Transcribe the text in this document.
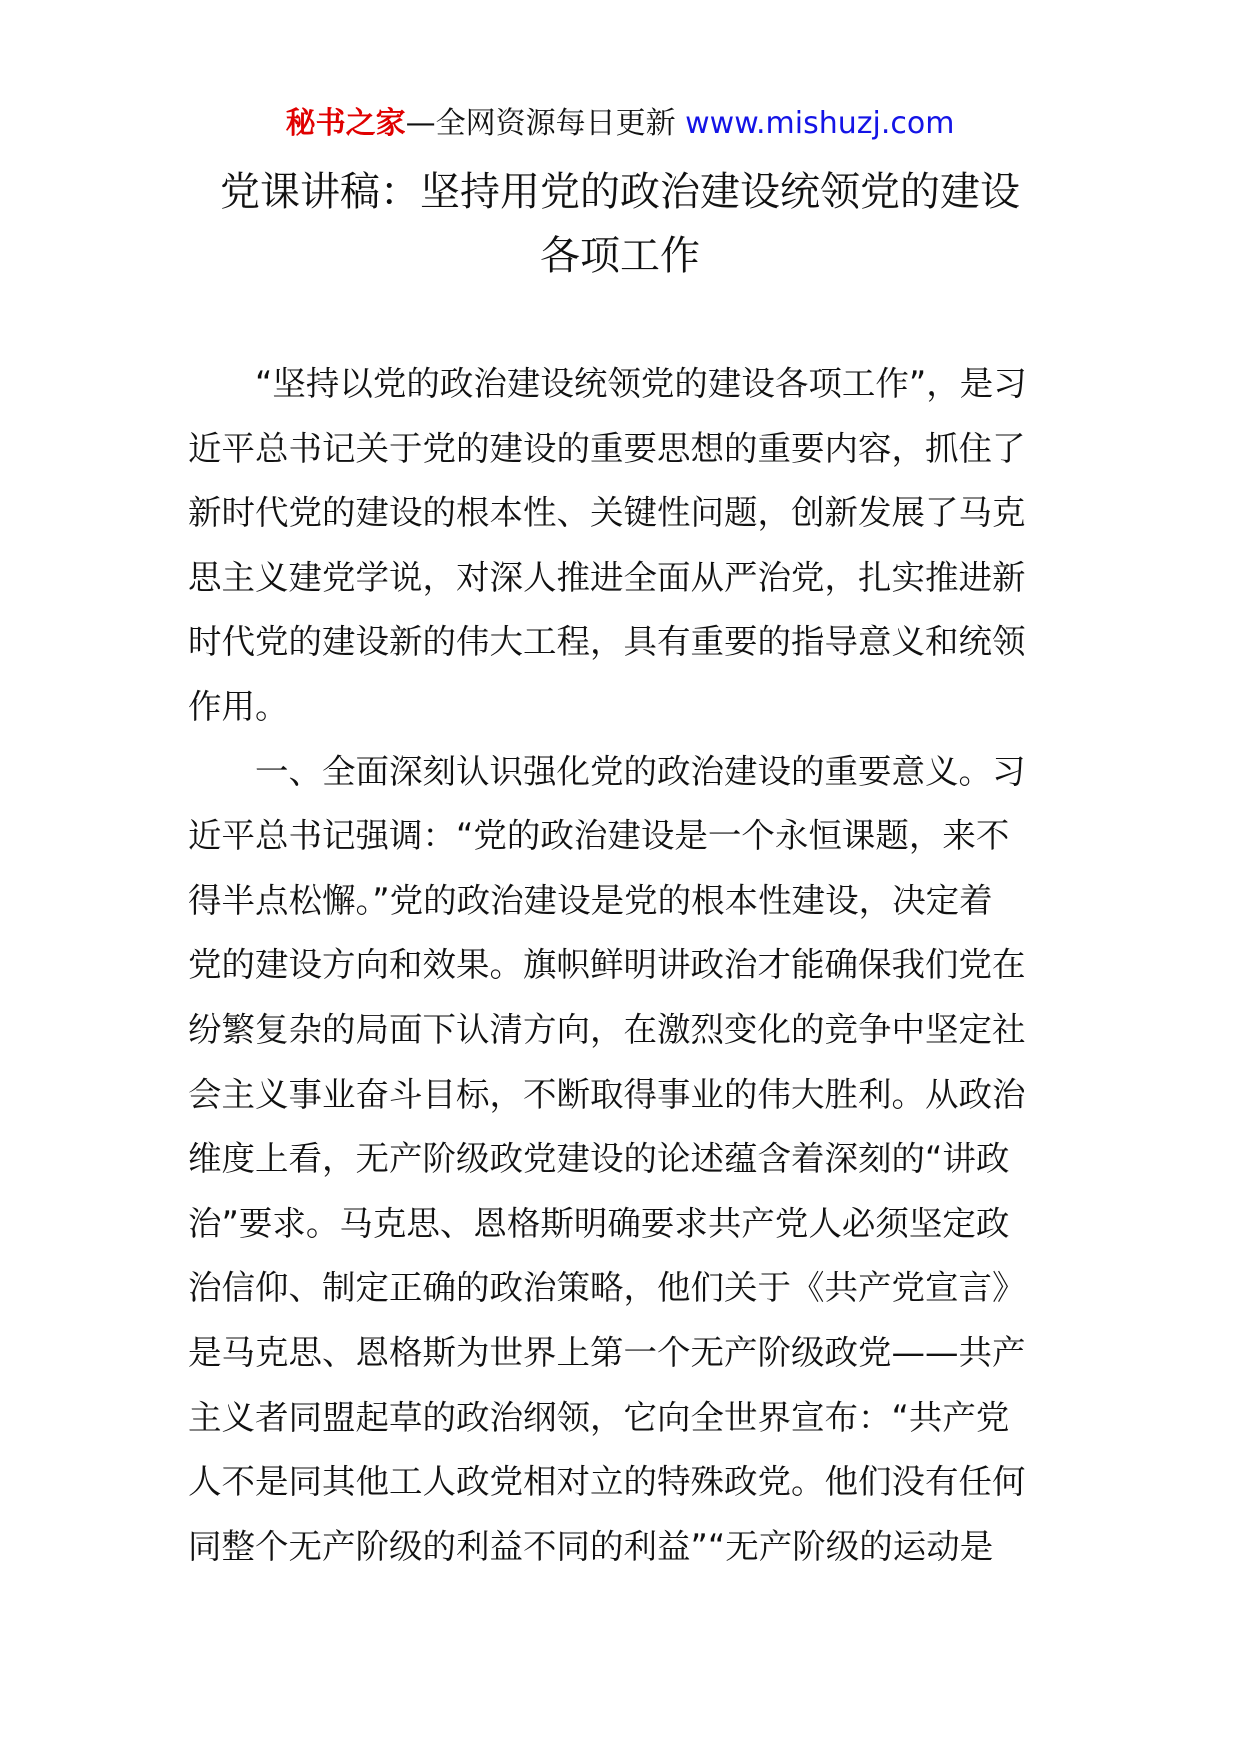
秘书之家—全网资源每日更新 www.mishuzj.com
党课讲稿：坚持用党的政治建设统领党的建设
各项工作
“坚持以党的政治建设统领党的建设各项工作”，是习
近平总书记关于党的建设的重要思想的重要内容，抓住了
新时代党的建设的根本性、关键性问题，创新发展了马克
思主义建党学说，对深人推进全面从严治党，扎实推进新
时代党的建设新的伟大工程，具有重要的指导意义和统领
作用。
一、全面深刻认识强化党的政治建设的重要意义。习
近平总书记强调：“党的政治建设是一个永恒课题，来不
得半点松懈。”党的政治建设是党的根本性建设，决定着
党的建设方向和效果。旗帜鲜明讲政治才能确保我们党在
纷繁复杂的局面下认清方向，在激烈变化的竞争中坚定社
会主义事业奋斗目标，不断取得事业的伟大胜利。从政治
维度上看，无产阶级政党建设的论述蕴含着深刻的“讲政
治”要求。马克思、恩格斯明确要求共产党人必须坚定政
治信仰、制定正确的政治策略，他们关于《共产党宣言》
是马克思、恩格斯为世界上第一个无产阶级政党——共产
主义者同盟起草的政治纲领，它向全世界宣布：“共产党
人不是同其他工人政党相对立的特殊政党。他们没有任何
同整个无产阶级的利益不同的利益”“无产阶级的运动是
